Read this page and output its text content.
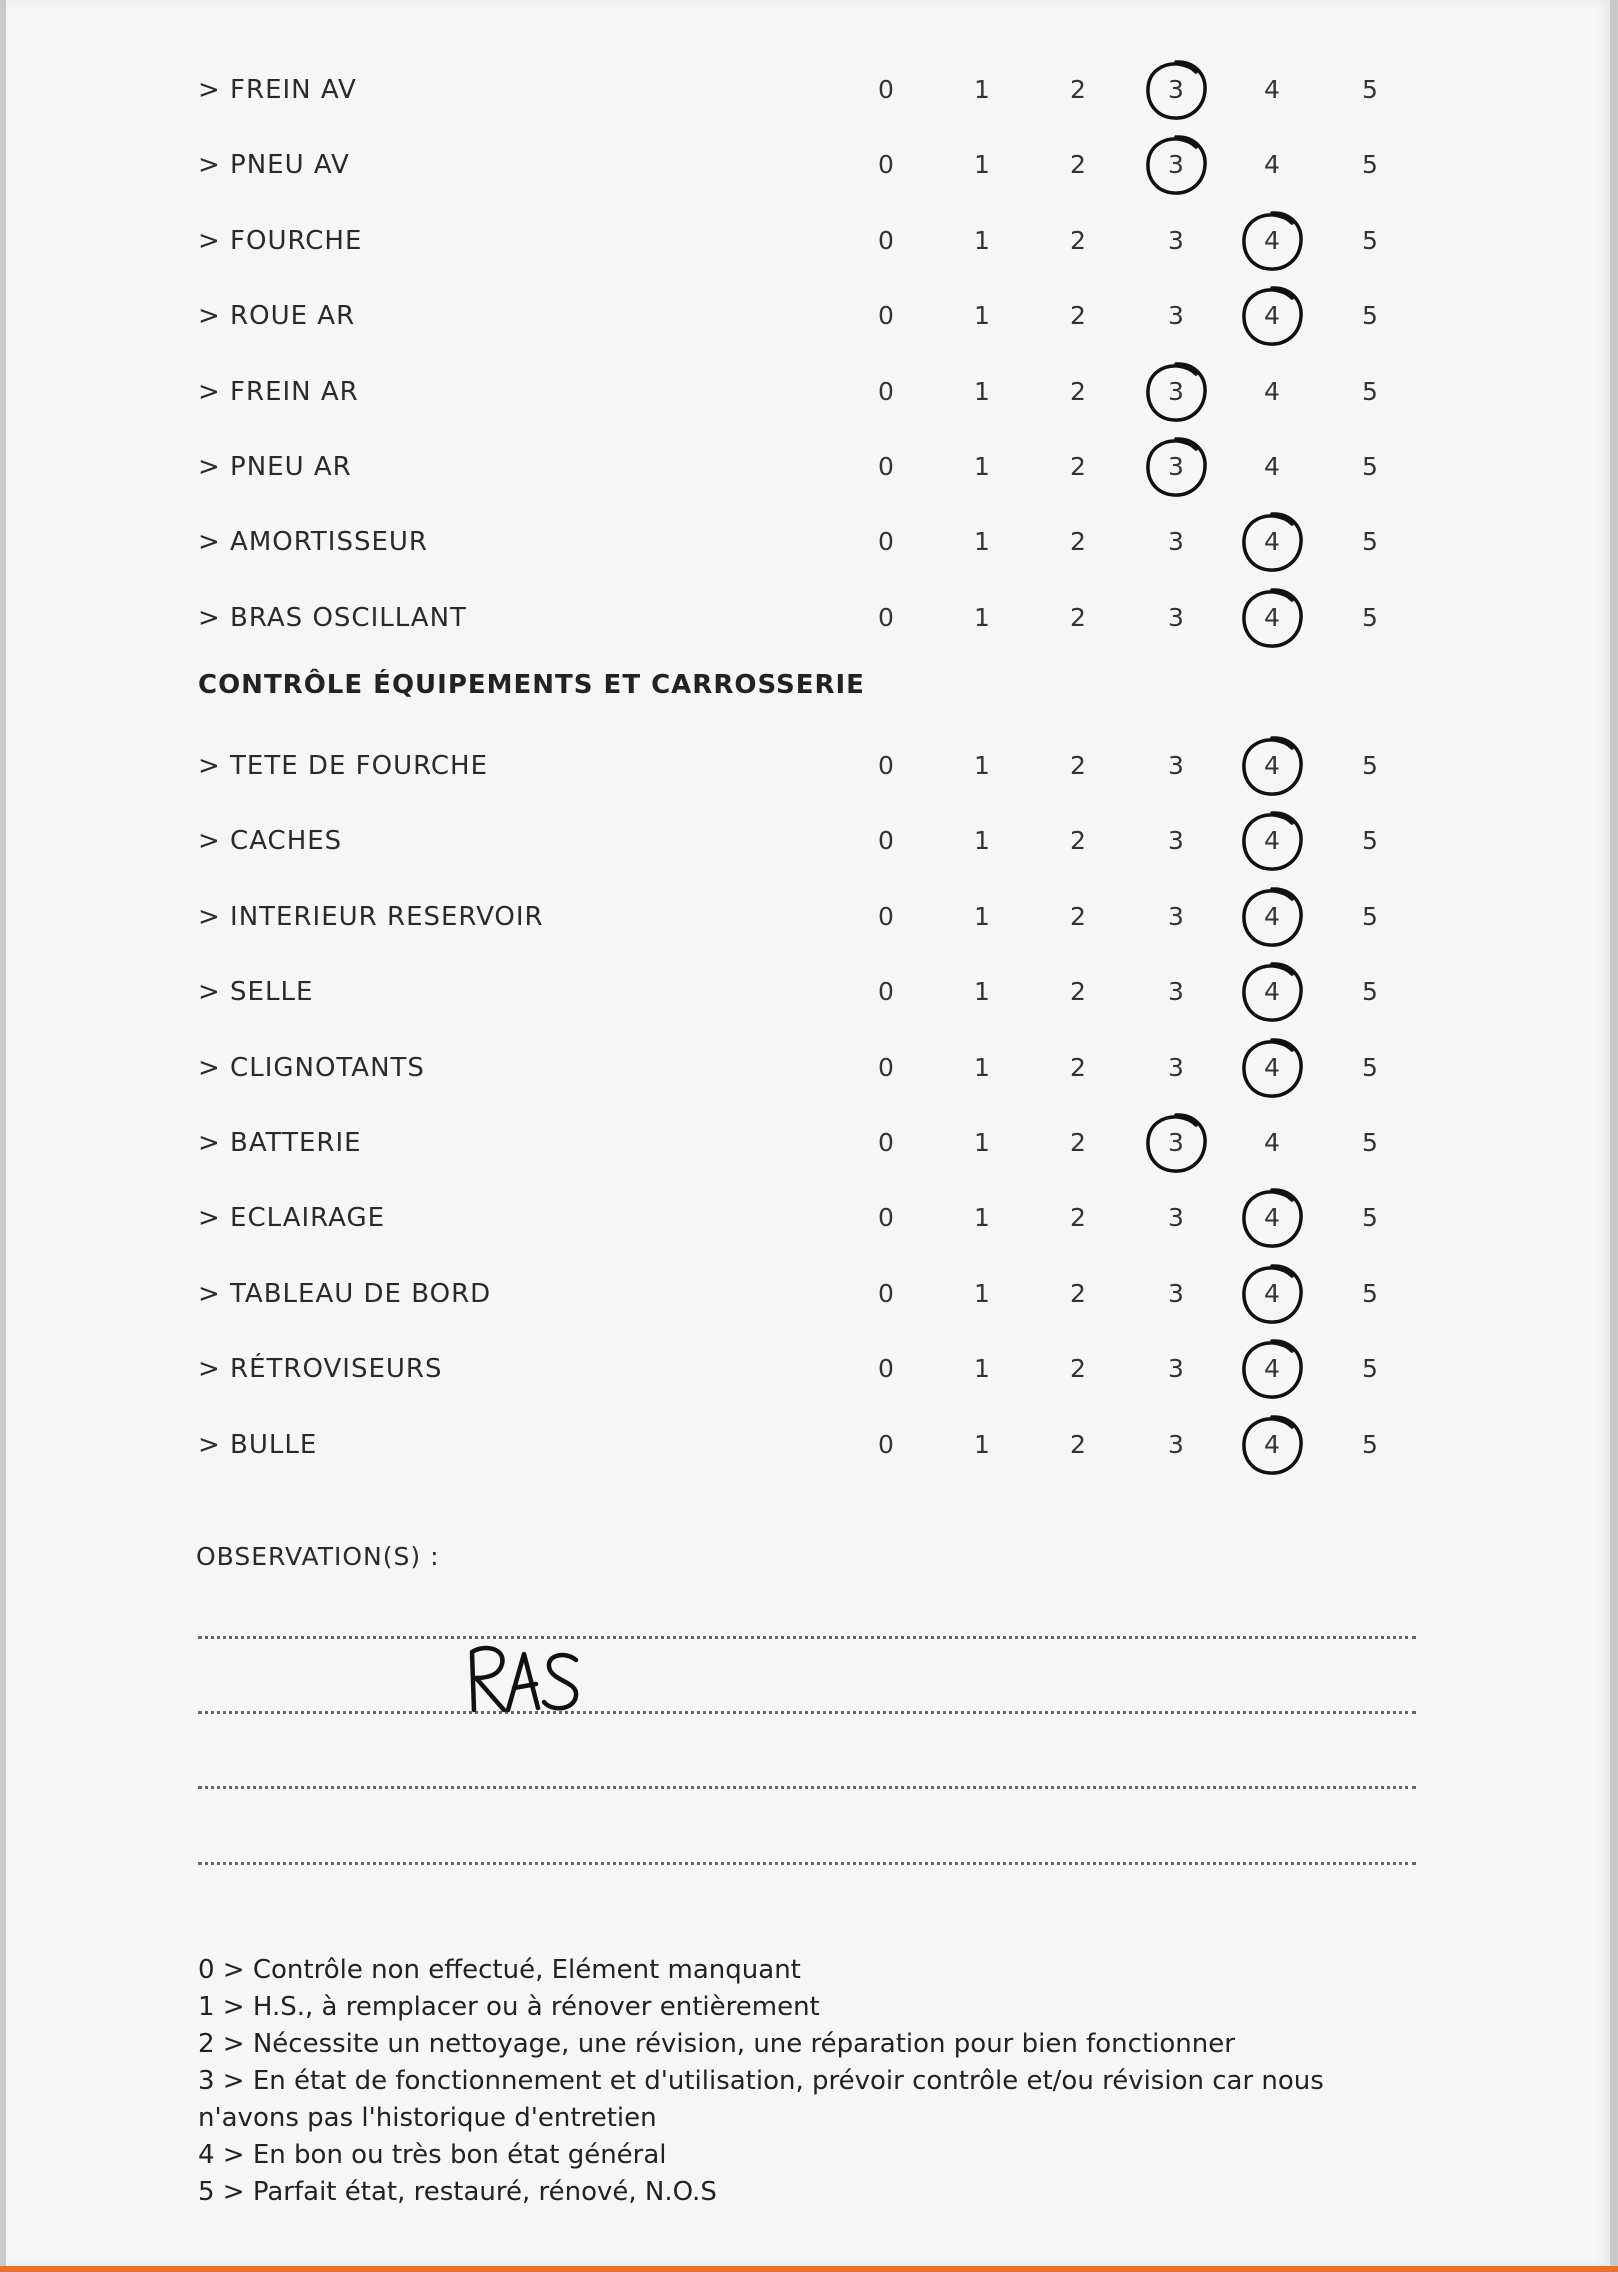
> FREIN AV	0	1	2	3	4	5
> PNEU AV	0	1	2	3	4	5
> FOURCHE	0	1	2	3	4	5
> ROUE AR	0	1	2	3	4	5
> FREIN AR	0	1	2	3	4	5
> PNEU AR	0	1	2	3	4	5
> AMORTISSEUR	0	1	2	3	4	5
> BRAS OSCILLANT	0	1	2	3	4	5
> TETE DE FOURCHE	0	1	2	3	4	5
> CACHES	0	1	2	3	4	5
> INTERIEUR RESERVOIR	0	1	2	3	4	5
> SELLE	0	1	2	3	4	5
> CLIGNOTANTS	0	1	2	3	4	5
> BATTERIE	0	1	2	3	4	5
> ECLAIRAGE	0	1	2	3	4	5
> TABLEAU DE BORD	0	1	2	3	4	5
> RÉTROVISEURS	0	1	2	3	4	5
> BULLE	0	1	2	3	4	5
CONTRÔLE ÉQUIPEMENTS ET CARROSSERIE
OBSERVATION(S) :
0 > Contrôle non effectué, Elément manquant
1 > H.S., à remplacer ou à rénover entièrement
2 > Nécessite un nettoyage, une révision, une réparation pour bien fonctionner
3 > En état de fonctionnement et d'utilisation, prévoir contrôle et/ou révision car nous n'avons pas l'historique d'entretien
4 > En bon ou très bon état général
5 > Parfait état, restauré, rénové, N.O.S
